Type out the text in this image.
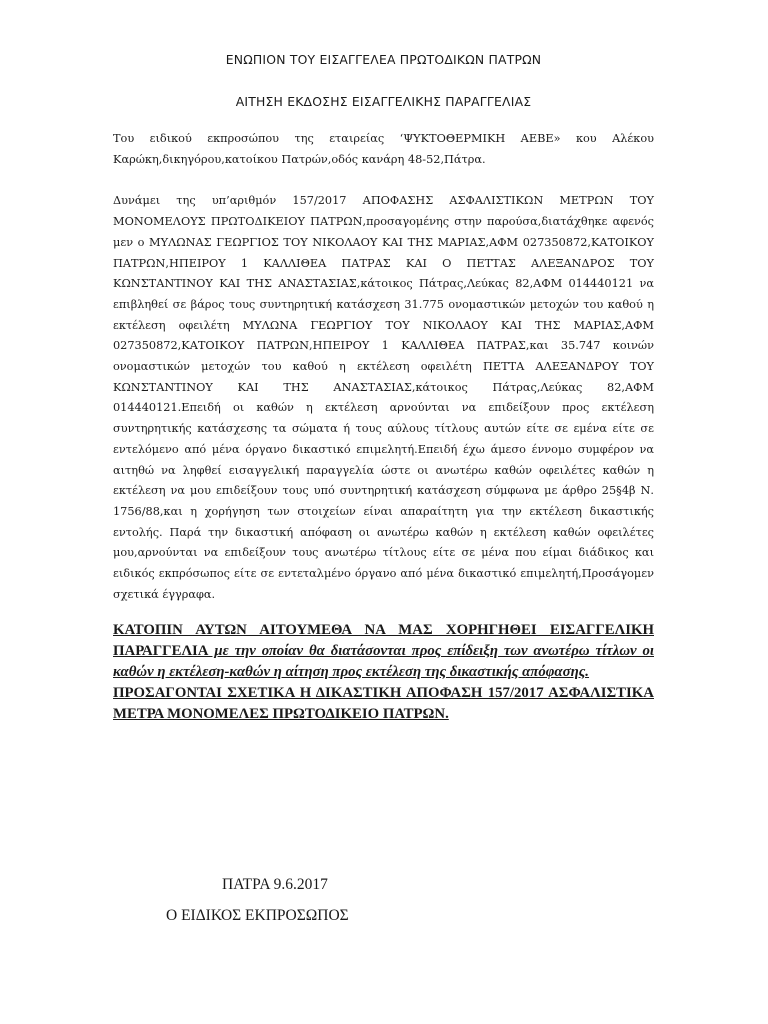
ΕΝΩΠΙΟΝ ΤΟΥ ΕΙΣΑΓΓΕΛΕΑ ΠΡΩΤΟΔΙΚΩΝ ΠΑΤΡΩΝ

ΑΙΤΗΣΗ ΕΚΔΟΣΗΣ ΕΙΣΑΓΓΕΛΙΚΗΣ ΠΑΡΑΓΓΕΛΙΑΣ

Του ειδικού εκπροσώπου της εταιρείας ‘ΨΥΚΤΟΘΕΡΜΙΚΗ ΑΕΒΕ» κου Αλέκου Καρώκη,δικηγόρου,κατοίκου Πατρών,οδός κανάρη 48-52,Πάτρα.

Δυνάμει της υπ’αριθμόν 157/2017 ΑΠΟΦΑΣΗΣ ΑΣΦΑΛΙΣΤΙΚΩΝ ΜΕΤΡΩΝ ΤΟΥ ΜΟΝΟΜΕΛΟΥΣ ΠΡΩΤΟΔΙΚΕΙΟΥ ΠΑΤΡΩΝ,προσαγομένης στην παρούσα,διατάχθηκε αφενός μεν ο ΜΥΛΩΝΑΣ ΓΕΩΡΓΙΟΣ ΤΟΥ ΝΙΚΟΛΑΟΥ ΚΑΙ ΤΗΣ ΜΑΡΙΑΣ,ΑΦΜ 027350872,ΚΑΤΟΙΚΟΥ ΠΑΤΡΩΝ,ΗΠΕΙΡΟΥ 1 ΚΑΛΛΙΘΕΑ ΠΑΤΡΑΣ ΚΑΙ Ο ΠΕΤΤΑΣ ΑΛΕΞΑΝΔΡΟΣ ΤΟΥ ΚΩΝΣΤΑΝΤΙΝΟΥ ΚΑΙ ΤΗΣ ΑΝΑΣΤΑΣΙΑΣ,κάτοικος Πάτρας,Λεύκας 82,ΑΦΜ 014440121 να επιβληθεί σε βάρος τους συντηρητική κατάσχεση 31.775 ονομαστικών μετοχών του καθού η εκτέλεση οφειλέτη ΜΥΛΩΝΑ ΓΕΩΡΓΙΟΥ ΤΟΥ ΝΙΚΟΛΑΟΥ ΚΑΙ ΤΗΣ ΜΑΡΙΑΣ,ΑΦΜ 027350872,ΚΑΤΟΙΚΟΥ ΠΑΤΡΩΝ,ΗΠΕΙΡΟΥ 1 ΚΑΛΛΙΘΕΑ ΠΑΤΡΑΣ,και 35.747 κοινών ονομαστικών μετοχών του καθού η εκτέλεση οφειλέτη ΠΕΤΤΑ ΑΛΕΞΑΝΔΡΟΥ ΤΟΥ ΚΩΝΣΤΑΝΤΙΝΟΥ ΚΑΙ ΤΗΣ ΑΝΑΣΤΑΣΙΑΣ,κάτοικος Πάτρας,Λεύκας 82,ΑΦΜ 014440121.Επειδή οι καθών η εκτέλεση αρνούνται να επιδείξουν προς εκτέλεση συντηρητικής κατάσχεσης τα σώματα ή τους αύλους τίτλους αυτών είτε σε εμένα είτε σε εντελόμενο από μένα όργανο δικαστικό επιμελητή.Επειδή έχω άμεσο έννομο συμφέρον να αιτηθώ να ληφθεί εισαγγελική παραγγελία ώστε οι ανωτέρω καθών οφειλέτες καθών η εκτέλεση να μου επιδείξουν τους υπό συντηρητική κατάσχεση σύμφωνα με άρθρο 25§4β Ν. 1756/88,και η χορήγηση των στοιχείων είναι απαραίτητη για την εκτέλεση δικαστικής εντολής. Παρά την δικαστική απόφαση οι ανωτέρω καθών η εκτέλεση καθών οφειλέτες μου,αρνούνται να επιδείξουν τους ανωτέρω τίτλους είτε σε μένα που είμαι διάδικος και ειδικός εκπρόσωπος είτε σε εντεταλμένο όργανο από μένα δικαστικό επιμελητή,Προσάγομεν σχετικά έγγραφα.

ΚΑΤΟΠΙΝ ΑΥΤΩΝ ΑΙΤΟΥΜΕΘΑ ΝΑ ΜΑΣ ΧΟΡΗΓΗΘΕΙ ΕΙΣΑΓΓΕΛΙΚΗ ΠΑΡΑΓΓΕΛΙΑ με την οποίαν θα διατάσονται προς επίδειξη των ανωτέρω τίτλων οι καθών η εκτέλεση-καθών η αίτηση προς εκτέλεση της δικαστικής απόφασης.
ΠΡΟΣΑΓΟΝΤΑΙ ΣΧΕΤΙΚΑ Η ΔΙΚΑΣΤΙΚΗ ΑΠΟΦΑΣΗ 157/2017 ΑΣΦΑΛΙΣΤΙΚΑ ΜΕΤΡΑ ΜΟΝΟΜΕΛΕΣ ΠΡΩΤΟΔΙΚΕΙΟ ΠΑΤΡΩΝ.

ΠΑΤΡΑ 9.6.2017

Ο ΕΙΔΙΚΟΣ ΕΚΠΡΟΣΩΠΟΣ
